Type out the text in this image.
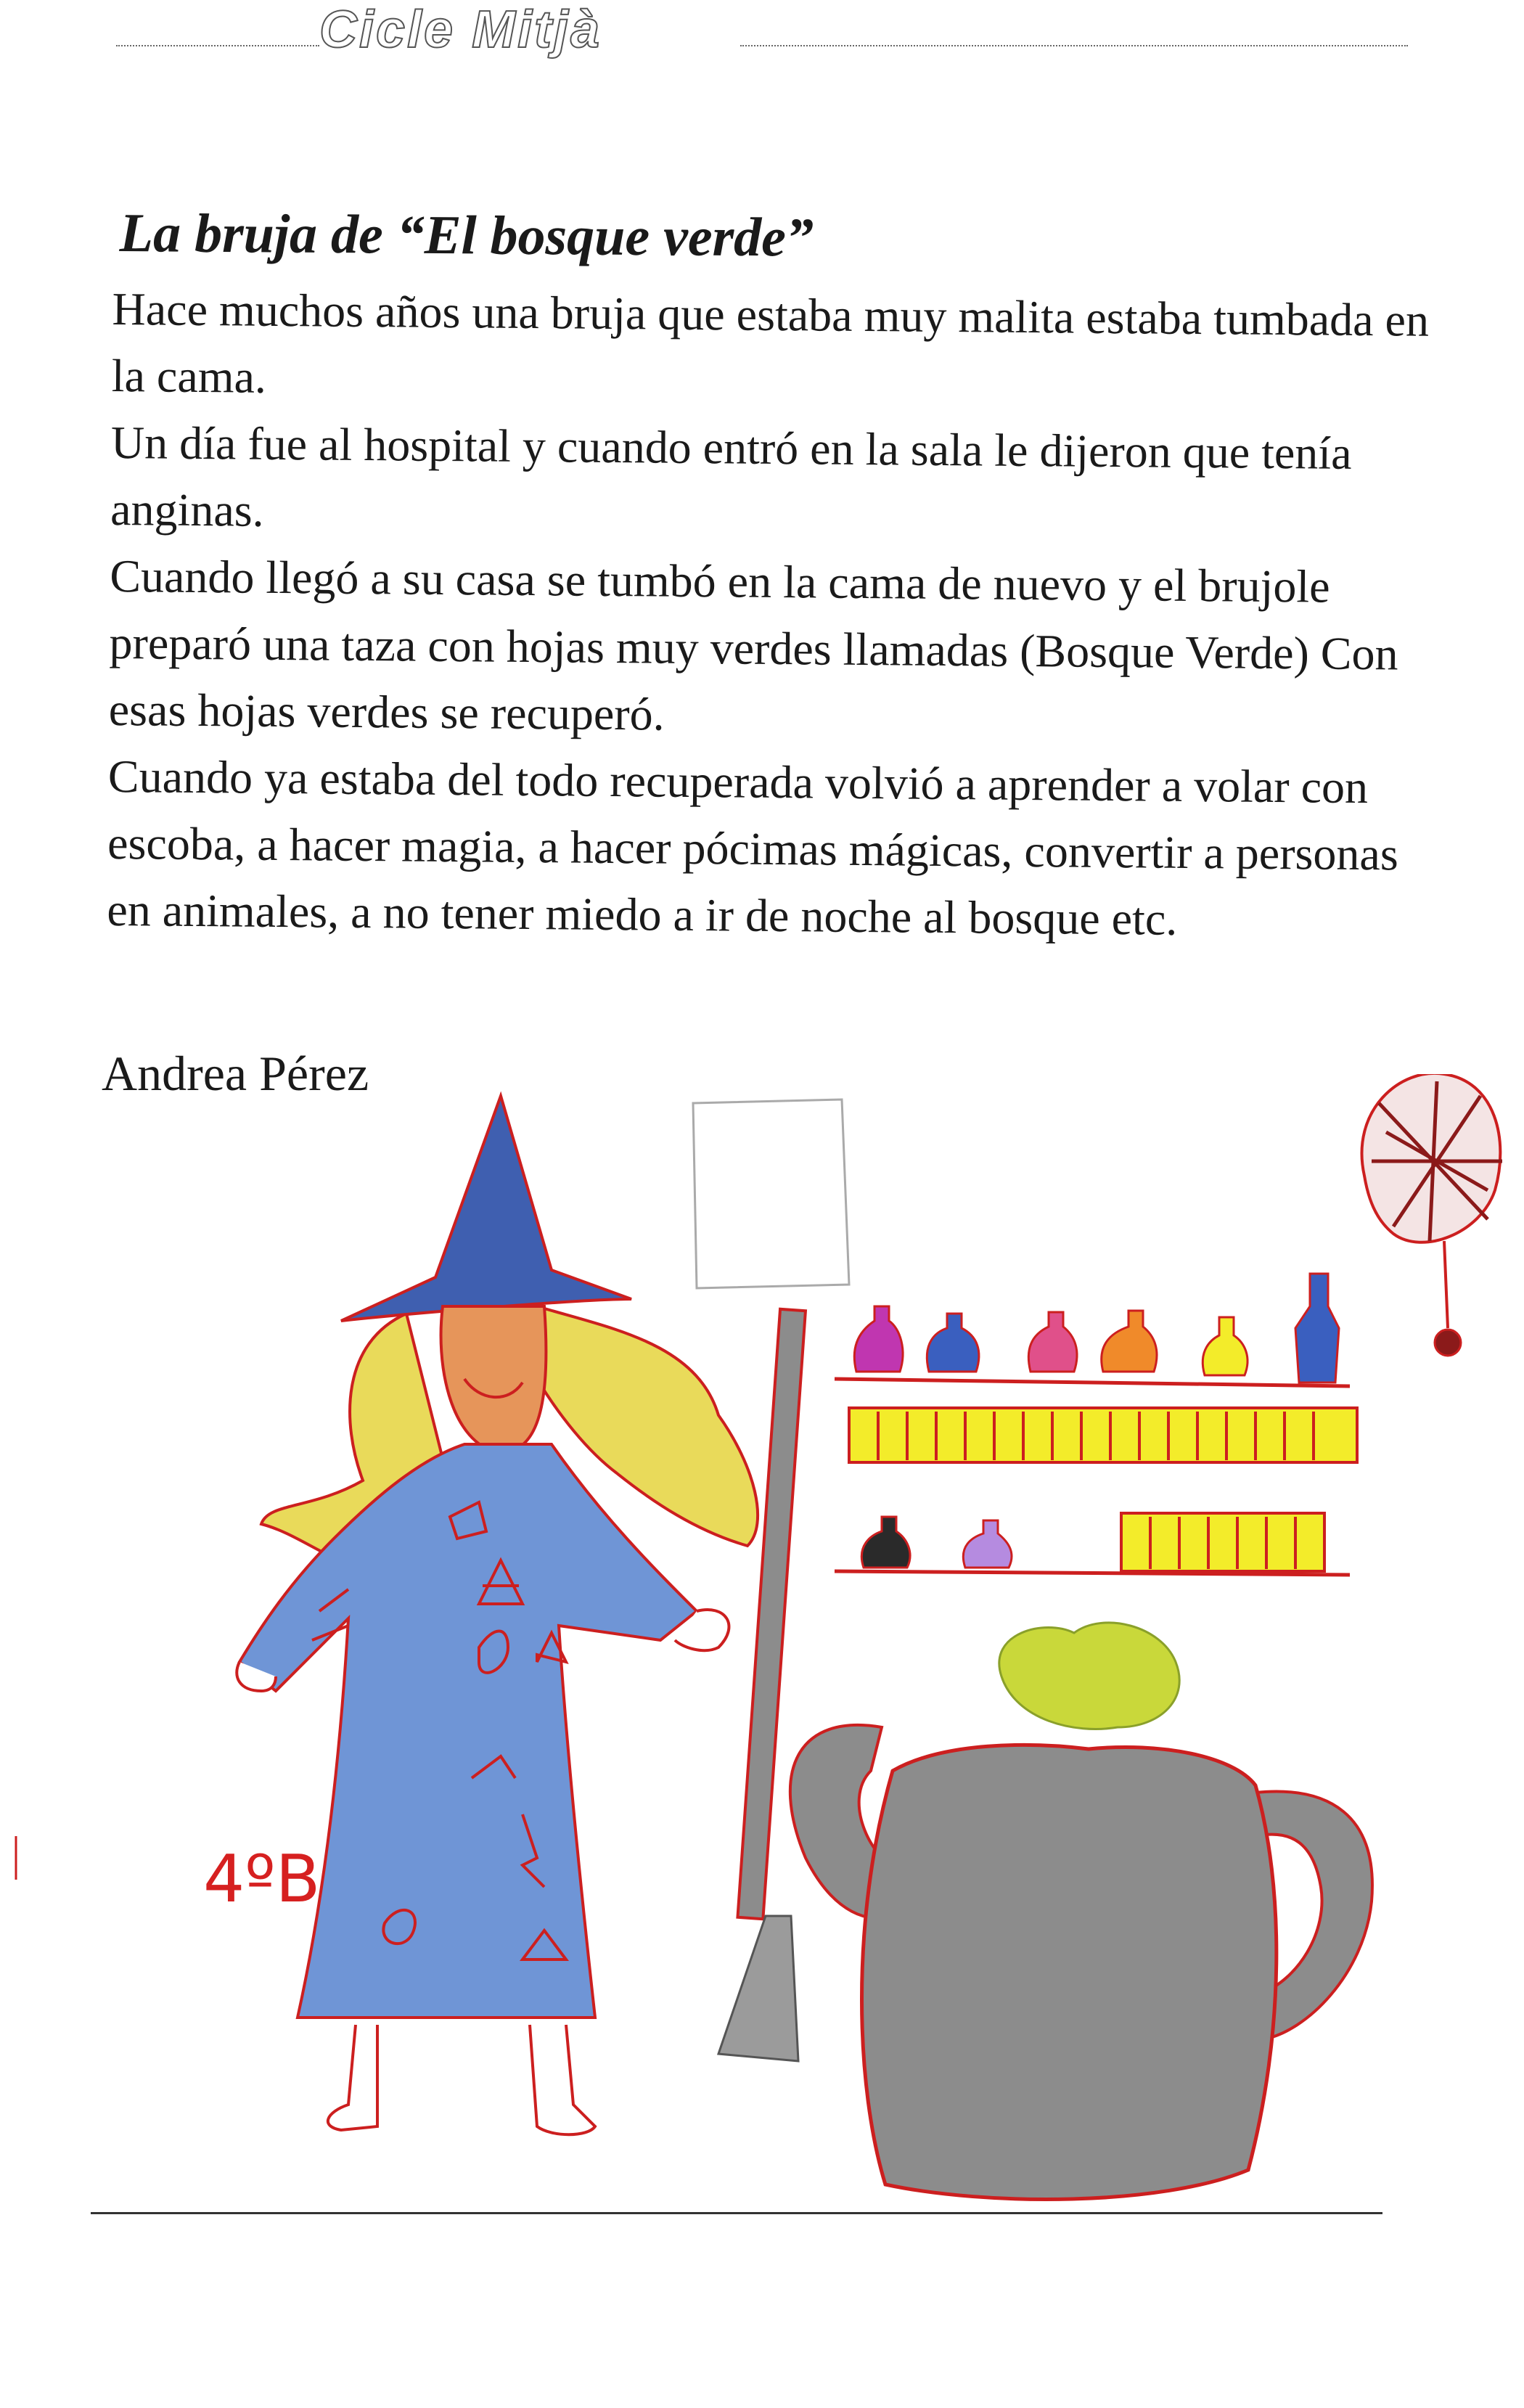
Cicle Mitjà
La bruja de “El bosque verde”

Hace muchos años una bruja que estaba muy malita estaba tumbada en la cama.

Un día fue al hospital y cuando entró en la sala le dijeron que tenía anginas.

Cuando llegó a su casa se tumbó en la cama de nuevo y el brujole preparó una taza con hojas muy verdes llamadas (Bosque Verde) Con esas hojas verdes se recuperó.

Cuando ya estaba del todo recuperada volvió a aprender a volar con escoba, a hacer magia, a hacer pócimas mágicas, convertir a personas en animales, a no tener miedo a ir de noche al bosque etc.

Andrea Pérez
4ºB
